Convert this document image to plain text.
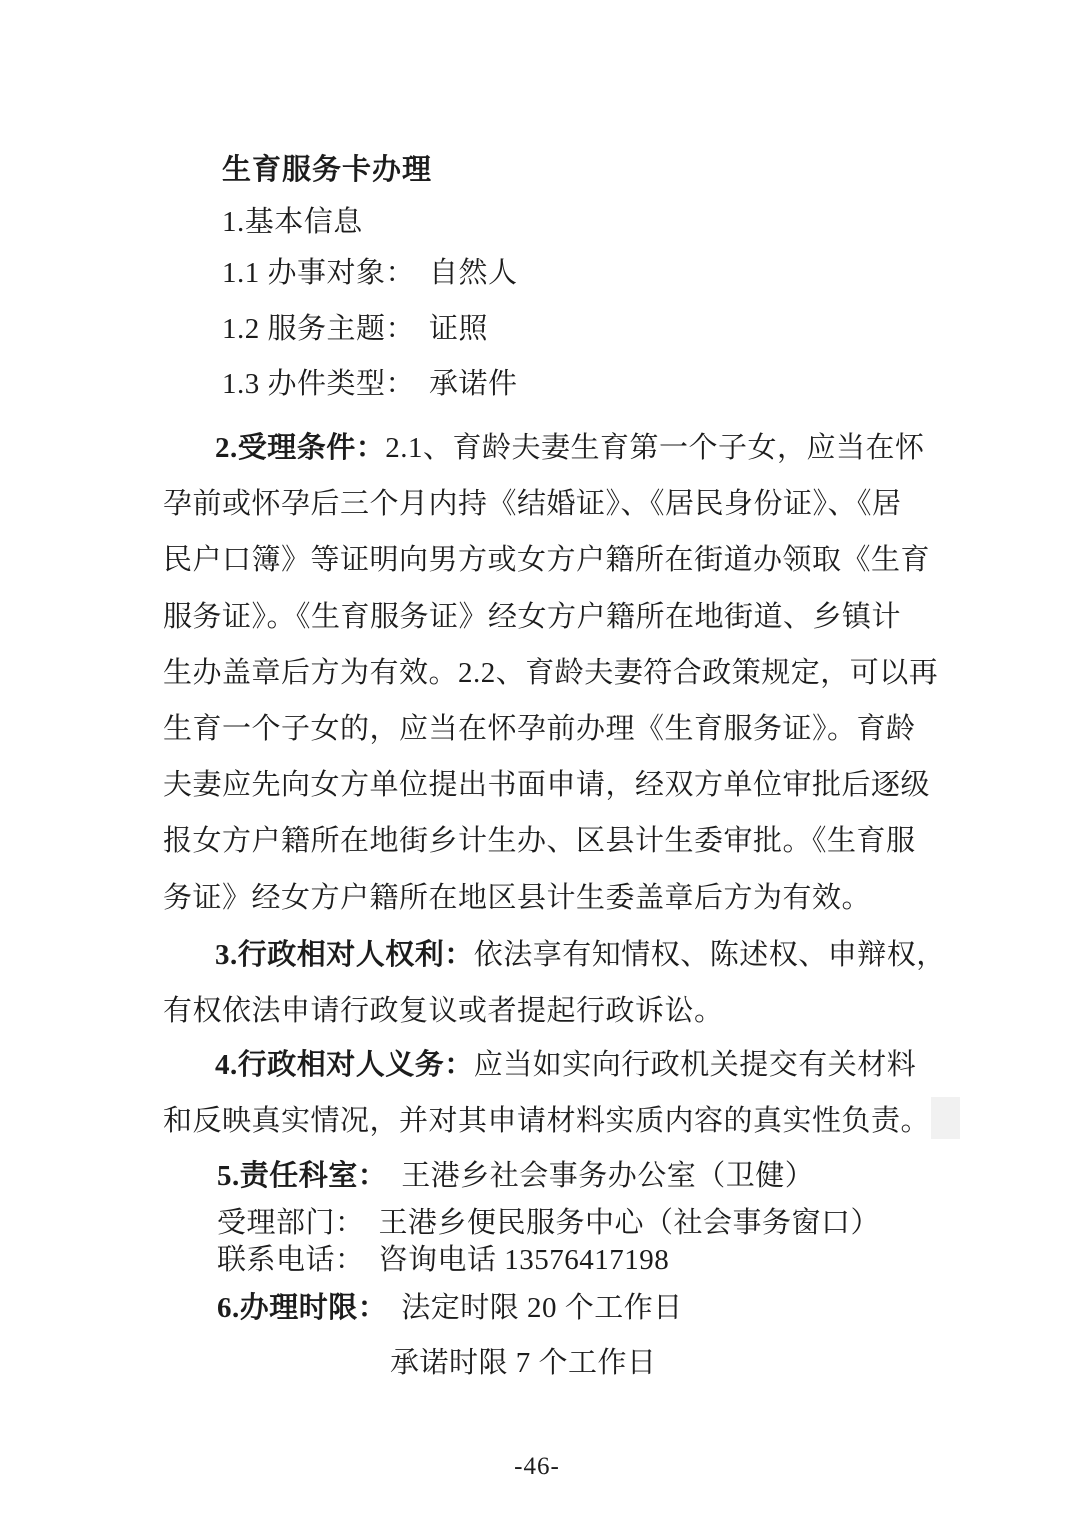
生育服务卡办理
1.基本信息
1.1 办事对象： 自然人
1.2 服务主题： 证照
1.3 办件类型： 承诺件
2.受理条件：2.1、育龄夫妻生育第一个子女，应当在怀
孕前或怀孕后三个月内持《结婚证》、《居民身份证》、《居
民户口簿》等证明向男方或女方户籍所在街道办领取《生育
服务证》。《生育服务证》经女方户籍所在地街道、乡镇计
生办盖章后方为有效。2.2、育龄夫妻符合政策规定，可以再
生育一个子女的，应当在怀孕前办理《生育服务证》。育龄
夫妻应先向女方单位提出书面申请，经双方单位审批后逐级
报女方户籍所在地街乡计生办、区县计生委审批。《生育服
务证》经女方户籍所在地区县计生委盖章后方为有效。
3.行政相对人权利：依法享有知情权、陈述权、申辩权，
有权依法申请行政复议或者提起行政诉讼。
4.行政相对人义务：应当如实向行政机关提交有关材料
和反映真实情况，并对其申请材料实质内容的真实性负责。
5.责任科室： 王港乡社会事务办公室（卫健）
受理部门： 王港乡便民服务中心（社会事务窗口）
联系电话： 咨询电话 13576417198
6.办理时限： 法定时限 20 个工作日
承诺时限 7 个工作日
-46-
